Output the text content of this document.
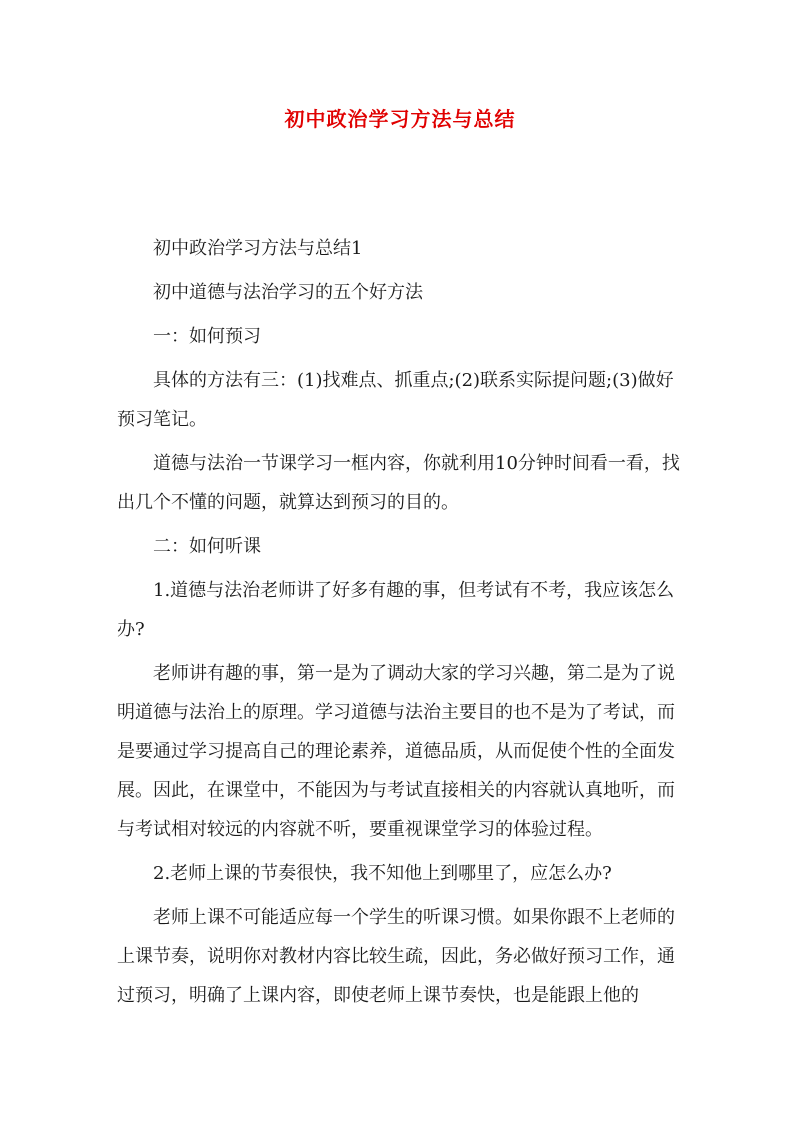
初中政治学习方法与总结

初中政治学习方法与总结1

初中道德与法治学习的五个好方法

一：如何预习

具体的方法有三：(1)找难点、抓重点;(2)联系实际提问题;(3)做好预习笔记。

道德与法治一节课学习一框内容，你就利用10分钟时间看一看，找出几个不懂的问题，就算达到预习的目的。

二：如何听课

1.道德与法治老师讲了好多有趣的事，但考试有不考，我应该怎么办?

老师讲有趣的事，第一是为了调动大家的学习兴趣，第二是为了说明道德与法治上的原理。学习道德与法治主要目的也不是为了考试，而是要通过学习提高自己的理论素养，道德品质，从而促使个性的全面发展。因此，在课堂中，不能因为与考试直接相关的内容就认真地听，而与考试相对较远的内容就不听，要重视课堂学习的体验过程。

2.老师上课的节奏很快，我不知他上到哪里了，应怎么办?

老师上课不可能适应每一个学生的听课习惯。如果你跟不上老师的上课节奏，说明你对教材内容比较生疏，因此，务必做好预习工作，通过预习，明确了上课内容，即使老师上课节奏快，也是能跟上他的
